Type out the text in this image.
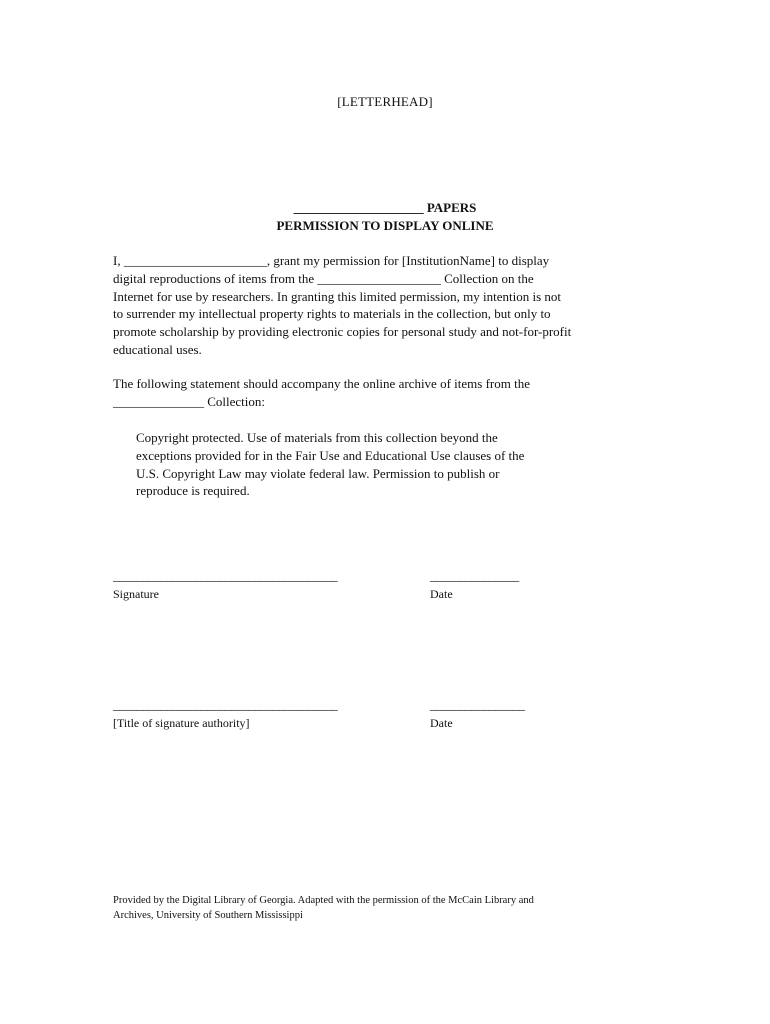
[LETTERHEAD]
____________________ PAPERS
PERMISSION TO DISPLAY ONLINE
I, ______________________, grant my permission for [InstitutionName] to display
digital reproductions of items from the ___________________ Collection on the
Internet for use by researchers. In granting this limited permission, my intention is not
to surrender my intellectual property rights to materials in the collection, but only to
promote scholarship by providing electronic copies for personal study and not-for-profit
educational uses.
The following statement should accompany the online archive of items from the
______________ Collection:
Copyright protected. Use of materials from this collection beyond the
exceptions provided for in the Fair Use and Educational Use clauses of the
U.S. Copyright Law may violate federal law. Permission to publish or
reproduce is required.
______________________________________	_______________
Signature	Date
______________________________________	________________
[Title of signature authority]	Date
Provided by the Digital Library of Georgia. Adapted with the permission of the McCain Library and
Archives, University of Southern Mississippi
